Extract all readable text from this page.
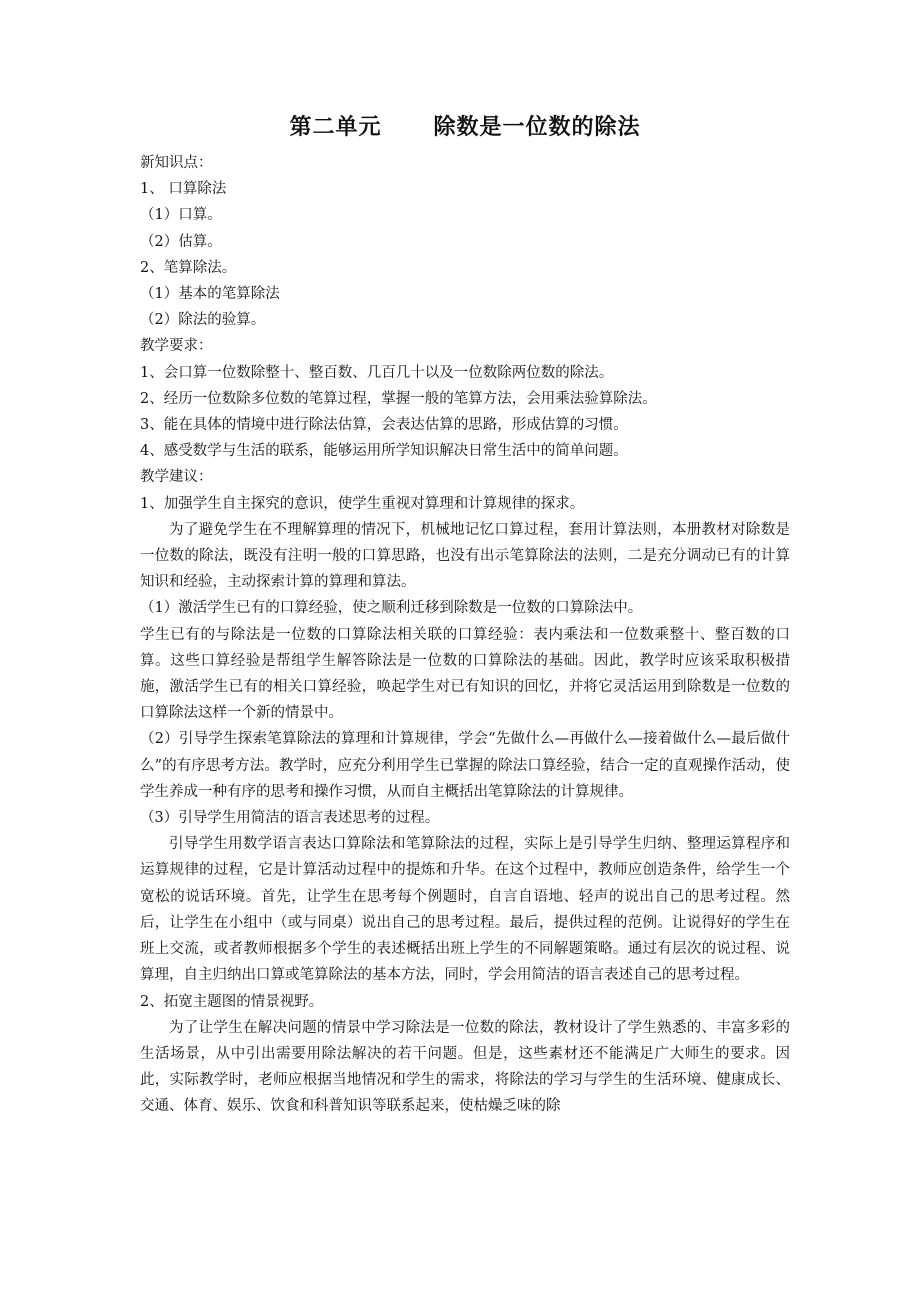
第二单元      除数是一位数的除法

新知识点：

1、 口算除法

（1）口算。

（2）估算。

2、笔算除法。

（1）基本的笔算除法

（2）除法的验算。

教学要求：

1、会口算一位数除整十、整百数、几百几十以及一位数除两位数的除法。

2、经历一位数除多位数的笔算过程，掌握一般的笔算方法，会用乘法验算除法。

3、能在具体的情境中进行除法估算，会表达估算的思路，形成估算的习惯。

4、感受数学与生活的联系，能够运用所学知识解决日常生活中的简单问题。

教学建议：

1、加强学生自主探究的意识，使学生重视对算理和计算规律的探求。

为了避免学生在不理解算理的情况下，机械地记忆口算过程，套用计算法则，本册教材对除数是一位数的除法，既没有注明一般的口算思路，也没有出示笔算除法的法则，二是充分调动已有的计算知识和经验，主动探索计算的算理和算法。

（1）激活学生已有的口算经验，使之顺利迁移到除数是一位数的口算除法中。

学生已有的与除法是一位数的口算除法相关联的口算经验：表内乘法和一位数乘整十、整百数的口算。这些口算经验是帮组学生解答除法是一位数的口算除法的基础。因此，教学时应该采取积极措施，激活学生已有的相关口算经验，唤起学生对已有知识的回忆，并将它灵活运用到除数是一位数的口算除法这样一个新的情景中。

（2）引导学生探索笔算除法的算理和计算规律，学会“先做什么—再做什么—接着做什么—最后做什么”的有序思考方法。教学时，应充分利用学生已掌握的除法口算经验，结合一定的直观操作活动，使学生养成一种有序的思考和操作习惯，从而自主概括出笔算除法的计算规律。

（3）引导学生用简洁的语言表述思考的过程。

引导学生用数学语言表达口算除法和笔算除法的过程，实际上是引导学生归纳、整理运算程序和运算规律的过程，它是计算活动过程中的提炼和升华。在这个过程中，教师应创造条件，给学生一个宽松的说话环境。首先，让学生在思考每个例题时，自言自语地、轻声的说出自己的思考过程。然后，让学生在小组中（或与同桌）说出自己的思考过程。最后，提供过程的范例。让说得好的学生在班上交流，或者教师根据多个学生的表述概括出班上学生的不同解题策略。通过有层次的说过程、说算理，自主归纳出口算或笔算除法的基本方法，同时，学会用简洁的语言表述自己的思考过程。

2、拓宽主题图的情景视野。

为了让学生在解决问题的情景中学习除法是一位数的除法，教材设计了学生熟悉的、丰富多彩的生活场景，从中引出需要用除法解决的若干问题。但是，这些素材还不能满足广大师生的要求。因此，实际教学时，老师应根据当地情况和学生的需求，将除法的学习与学生的生活环境、健康成长、交通、体育、娱乐、饮食和科普知识等联系起来，使枯燥乏味的除
